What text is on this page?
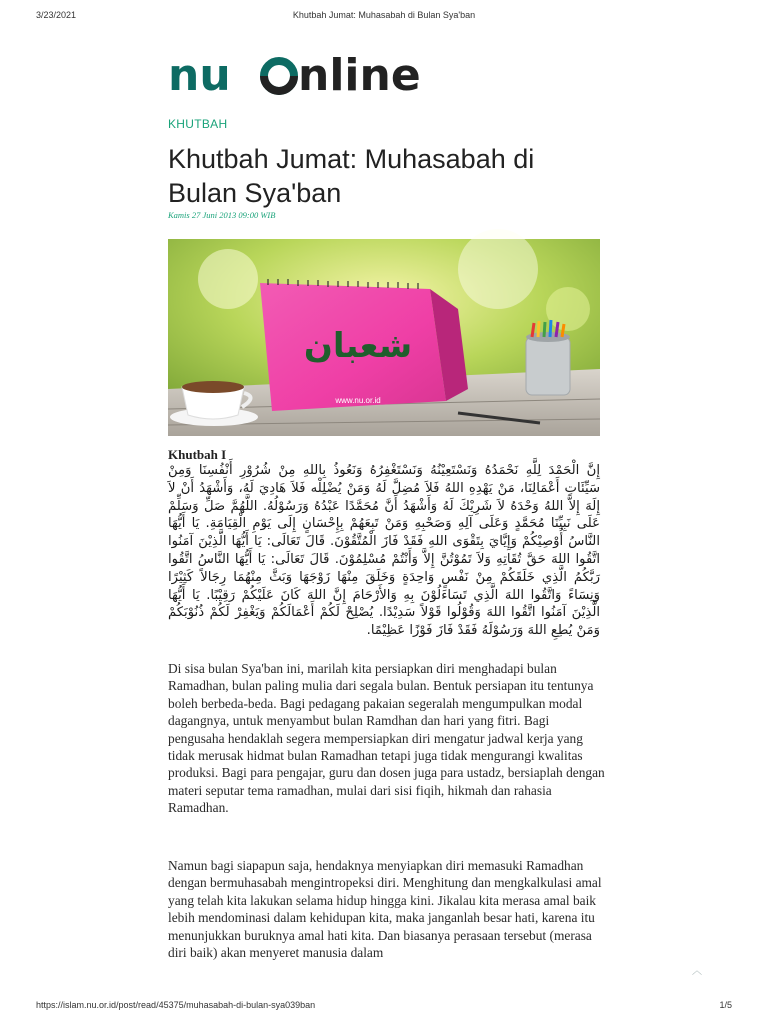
3/23/2021	Khutbah Jumat: Muhasabah di Bulan Sya'ban
nu nline
KHUTBAH
Khutbah Jumat: Muhasabah di Bulan Sya'ban
Kamis 27 Juni 2013 09:00 WIB
شعبان
www.nu.or.id
Khutbah I
إِنَّ الْحَمْدَ لِلَّهِ نَحْمَدُهُ وَنَسْتَعِيْنُهُ وَنَسْتَغْفِرُهُ وَنَعُوذُ بِاللهِ مِنْ شُرُوْرِ أَنْفُسِنَا وَمِنْ سَيِّئَاتِ أَعْمَالِنَا، مَنْ يَهْدِهِ اللهُ فَلاَ مُضِلَّ لَهُ وَمَنْ يُضْلِلْه فَلاَ هَادِيَ لَهُ، وَأَشْهَدُ أَنْ لاَ إِلَهَ إِلاَّ اللهُ وَحْدَهُ لاَ شَرِيْكَ لَهُ وَأَشْهَدُ أَنَّ مُحَمَّدًا عَبْدُهُ وَرَسُوْلُهُ. اللَّهُمَّ صَلِّ وَسَلِّمْ عَلَى نَبِيِّنَا مُحَمَّدٍ وَعَلَى آلِهِ وَصَحْبِهِ وَمَنْ تَبِعَهُمْ بِإِحْسَانٍ إِلَى يَوْمِ الْقِيَامَةِ. يَا أَيُّهَا النَّاسُ أُوْصِيْكُمْ وَإِيَّايَ بِتَقْوَى اللهِ فَقَدْ فَازَ الْمُتَّقُوْنَ. قَالَ تَعَالَى: يَا أَيُّهَا الَّذِيْنَ آمَنُوا اتَّقُوا اللهَ حَقَّ تُقَاتِهِ وَلاَ تَمُوْتُنَّ إِلاَّ وَأَنْتُمْ مُسْلِمُوْنَ. قَالَ تَعَالَى: يَا أَيُّهَا النَّاسُ اتَّقُوا رَبَّكُمُ الَّذِي خَلَقَكُمْ مِنْ نَفْسٍ وَاحِدَةٍ وَخَلَقَ مِنْهَا زَوْجَهَا وَبَثَّ مِنْهُمَا رِجَالاً كَثِيْرًا وَنِسَاءً وَاتَّقُوا اللهَ الَّذِي تَسَاءَلُوْنَ بِهِ وَالأَرْحَامَ إِنَّ اللهَ كَانَ عَلَيْكُمْ رَقِيْبًا. يَا أَيُّهَا الَّذِيْنَ آمَنُوا اتَّقُوا اللهَ وَقُوْلُوا قَوْلاً سَدِيْدًا. يُصْلِحْ لَكُمْ أَعْمَالَكُمْ وَيَغْفِرْ لَكُمْ ذُنُوْبَكُمْ وَمَنْ يُطِعِ اللهَ وَرَسُوْلَهُ فَقَدْ فَازَ فَوْزًا عَظِيْمًا.

Di sisa bulan Sya'ban ini, marilah kita persiapkan diri menghadapi bulan Ramadhan, bulan paling mulia dari segala bulan. Bentuk persiapan itu tentunya boleh berbeda-beda. Bagi pedagang pakaian segeralah mengumpulkan modal dagangnya, untuk menyambut bulan Ramdhan dan hari yang fitri. Bagi pengusaha hendaklah segera mempersiapkan diri mengatur jadwal kerja yang tidak merusak hidmat bulan Ramadhan tetapi juga tidak mengurangi kwalitas produksi. Bagi para pengajar, guru dan dosen juga para ustadz, bersiaplah dengan materi seputar tema ramadhan, mulai dari sisi fiqih, hikmah dan rahasia Ramadhan.

Namun bagi siapapun saja, hendaknya menyiapkan diri memasuki Ramadhan dengan bermuhasabah mengintropeksi diri. Menghitung dan mengkalkulasi amal yang telah kita lakukan selama hidup hingga kini. Jikalau kita merasa amal baik lebih mendominasi dalam kehidupan kita, maka janganlah besar hati, karena itu menunjukkan buruknya amal hati kita. Dan biasanya perasaan tersebut (merasa diri baik) akan menyeret manusia dalam

︿
https://islam.nu.or.id/post/read/45375/muhasabah-di-bulan-sya039ban	1/5
